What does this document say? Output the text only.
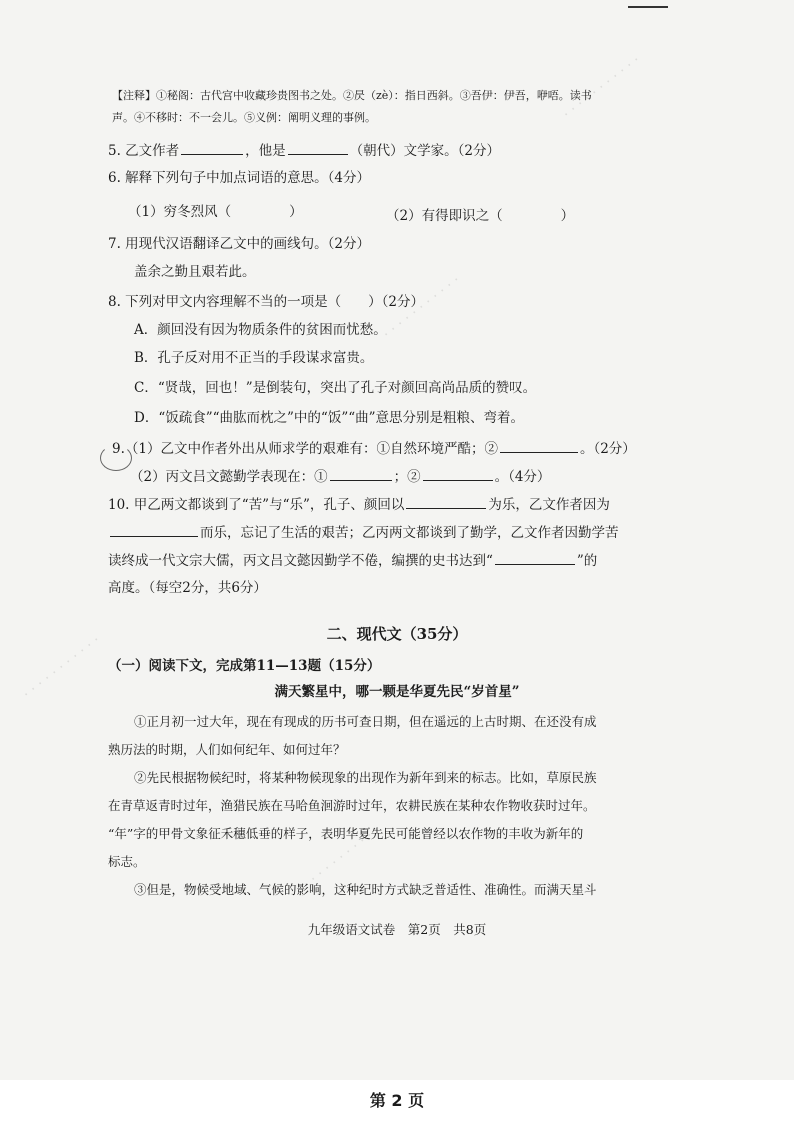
· · · · · · · · · · ·
· · · · · · · · · · ·
· · · · · · · · · · ·
· · · · · · · · · · ·
【注释】①秘阁：古代宫中收藏珍贵图书之处。②昃（zè）：指日西斜。③吾伊：伊吾，咿唔。读书
声。④不移时：不一会儿。⑤义例：阐明义理的事例。
5. 乙文作者	，他是	（朝代）文学家。（2分）
6. 解释下列句子中加点词语的意思。（4分）
（1）穷冬烈风（	）	（2）有得即识之（	）
7. 用现代汉语翻译乙文中的画线句。（2分）
盖余之勤且艰若此。
8. 下列对甲文内容理解不当的一项是（　　）（2分）
A．颜回没有因为物质条件的贫困而忧愁。
B．孔子反对用不正当的手段谋求富贵。
C．“贤哉，回也！”是倒装句，突出了孔子对颜回高尚品质的赞叹。
D．“饭疏食”“曲肱而枕之”中的“饭”“曲”意思分别是粗粮、弯着。
9.（1）乙文中作者外出从师求学的艰难有：①自然环境严酷；②	。（2分）
（2）丙文吕文懿勤学表现在：①	；②	。（4分）
10. 甲乙两文都谈到了“苦”与“乐”，孔子、颜回以	为乐，乙文作者因为
而乐，忘记了生活的艰苦；乙丙两文都谈到了勤学，乙文作者因勤学苦
读终成一代文宗大儒，丙文吕文懿因勤学不倦，编撰的史书达到“	”的
高度。（每空2分，共6分）
二、现代文（35分）
（一）阅读下文，完成第11—13题（15分）
满天繁星中，哪一颗是华夏先民“岁首星”
①正月初一过大年，现在有现成的历书可查日期，但在遥远的上古时期、在还没有成
熟历法的时期，人们如何纪年、如何过年？
②先民根据物候纪时，将某种物候现象的出现作为新年到来的标志。比如，草原民族
在青草返青时过年，渔猎民族在马哈鱼洄游时过年，农耕民族在某种农作物收获时过年。
“年”字的甲骨文象征禾穗低垂的样子，表明华夏先民可能曾经以农作物的丰收为新年的
标志。
③但是，物候受地域、气候的影响，这种纪时方式缺乏普适性、准确性。而满天星斗
九年级语文试卷　第2页　共8页
第 2 页
